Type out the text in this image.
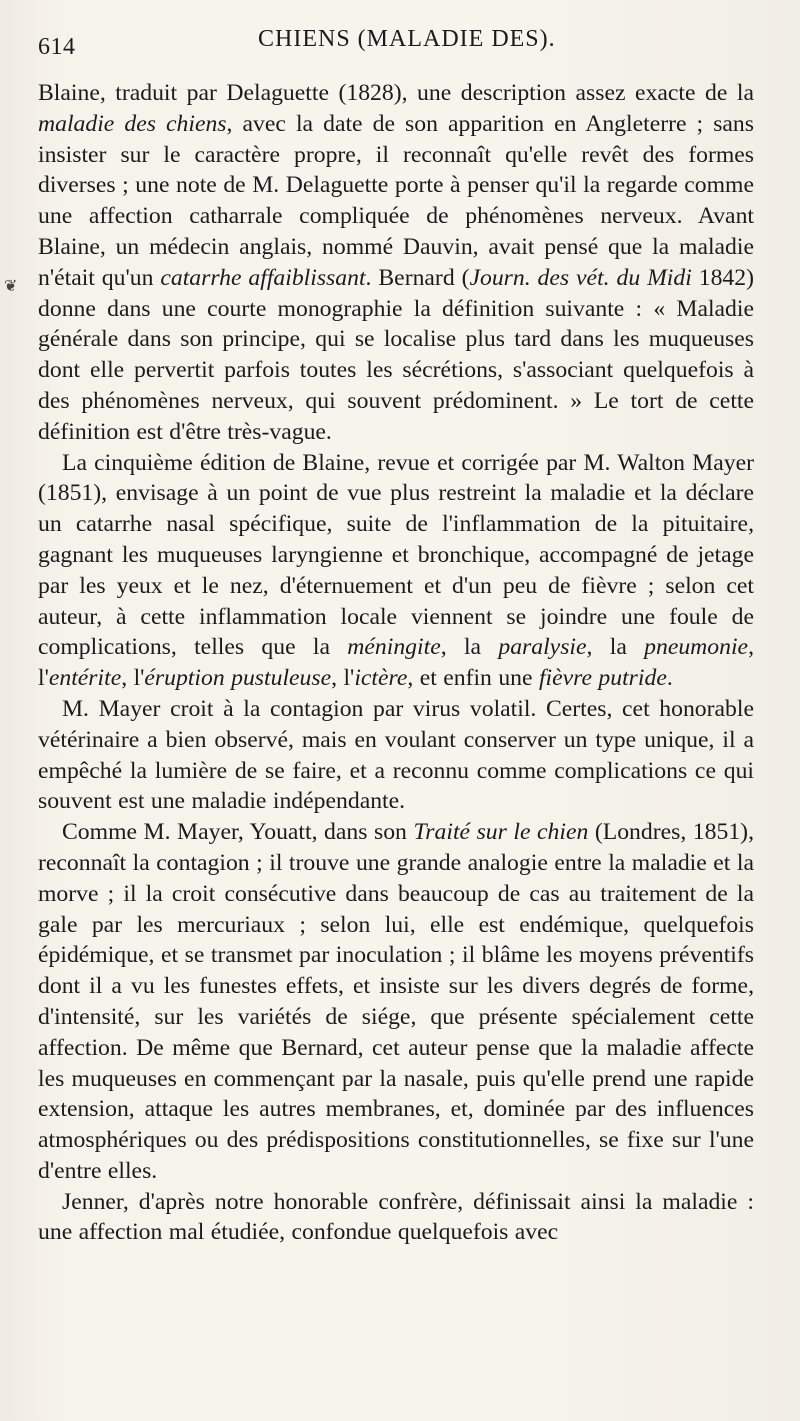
614	CHIENS (MALADIE DES).
❦

Blaine, traduit par Delaguette (1828), une description assez exacte de la maladie des chiens, avec la date de son apparition en Angleterre ; sans insister sur le caractère propre, il reconnaît qu'elle revêt des formes diverses ; une note de M. Delaguette porte à penser qu'il la regarde comme une affection catharrale compliquée de phénomènes nerveux. Avant Blaine, un médecin anglais, nommé Dauvin, avait pensé que la maladie n'était qu'un catarrhe affaiblissant. Bernard (Journ. des vét. du Midi 1842) donne dans une courte monographie la définition suivante : « Maladie générale dans son principe, qui se localise plus tard dans les muqueuses dont elle pervertit parfois toutes les sécrétions, s'associant quelquefois à des phénomènes nerveux, qui souvent prédominent. » Le tort de cette définition est d'être très-vague.

La cinquième édition de Blaine, revue et corrigée par M. Walton Mayer (1851), envisage à un point de vue plus restreint la maladie et la déclare un catarrhe nasal spécifique, suite de l'inflammation de la pituitaire, gagnant les muqueuses laryngienne et bronchique, accompagné de jetage par les yeux et le nez, d'éternuement et d'un peu de fièvre ; selon cet auteur, à cette inflammation locale viennent se joindre une foule de complications, telles que la méningite, la paralysie, la pneumonie, l'entérite, l'éruption pustuleuse, l'ictère, et enfin une fièvre putride.

M. Mayer croit à la contagion par virus volatil. Certes, cet honorable vétérinaire a bien observé, mais en voulant conserver un type unique, il a empêché la lumière de se faire, et a reconnu comme complications ce qui souvent est une maladie indépendante.

Comme M. Mayer, Youatt, dans son Traité sur le chien (Londres, 1851), reconnaît la contagion ; il trouve une grande analogie entre la maladie et la morve ; il la croit consécutive dans beaucoup de cas au traitement de la gale par les mercuriaux ; selon lui, elle est endémique, quelquefois épidémique, et se transmet par inoculation ; il blâme les moyens préventifs dont il a vu les funestes effets, et insiste sur les divers degrés de forme, d'intensité, sur les variétés de siége, que présente spécialement cette affection. De même que Bernard, cet auteur pense que la maladie affecte les muqueuses en commençant par la nasale, puis qu'elle prend une rapide extension, attaque les autres membranes, et, dominée par des influences atmosphériques ou des prédispositions constitutionnelles, se fixe sur l'une d'entre elles.

Jenner, d'après notre honorable confrère, définissait ainsi la maladie : une affection mal étudiée, confondue quelquefois avec
